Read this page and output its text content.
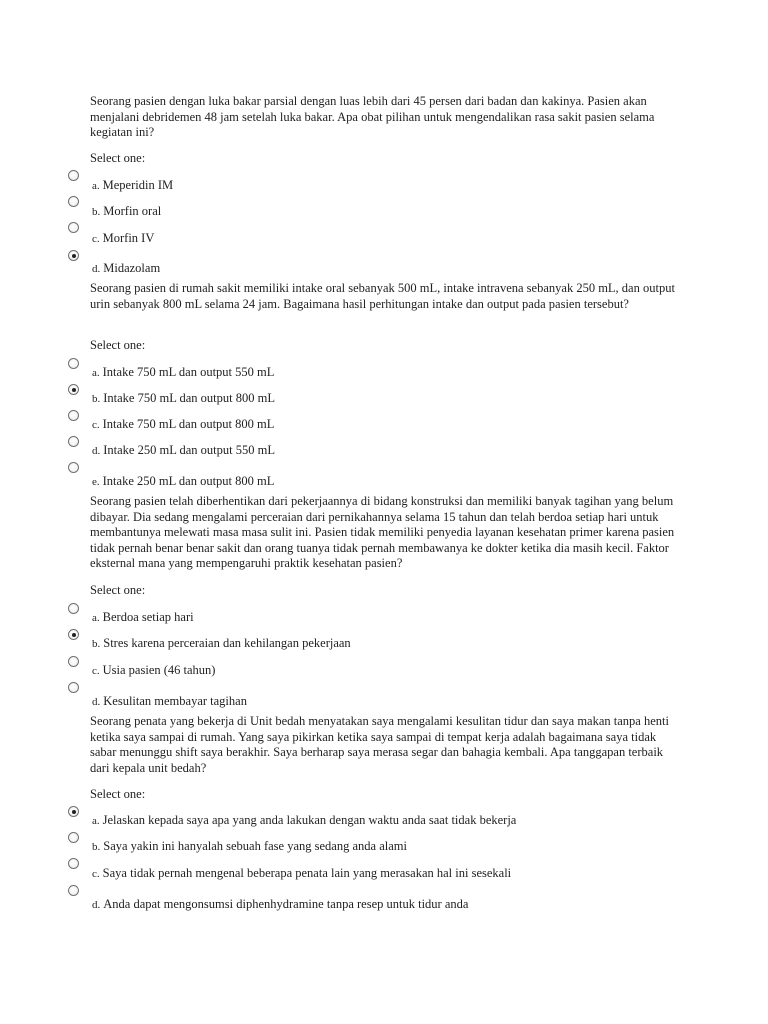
Seorang pasien dengan luka bakar parsial dengan luas lebih dari 45 persen dari badan dan kakinya. Pasien akan menjalani debridemen 48 jam setelah luka bakar. Apa obat pilihan untuk mengendalikan rasa sakit pasien selama kegiatan ini?

Select one:
a. Meperidin IM
b. Morfin oral
c. Morfin IV
d. Midazolam

Seorang pasien di rumah sakit memiliki intake oral sebanyak 500 mL, intake intravena sebanyak 250 mL, dan output urin sebanyak 800 mL selama 24 jam. Bagaimana hasil perhitungan intake dan output pada pasien tersebut?

Select one:
a. Intake 750 mL dan output 550 mL
b. Intake 750 mL dan output 800 mL
c. Intake 750 mL dan output 800 mL
d. Intake 250 mL dan output 550 mL
e. Intake 250 mL dan output 800 mL

Seorang pasien telah diberhentikan dari pekerjaannya di bidang konstruksi dan memiliki banyak tagihan yang belum dibayar. Dia sedang mengalami perceraian dari pernikahannya selama 15 tahun dan telah berdoa setiap hari untuk membantunya melewati masa masa sulit ini. Pasien tidak memiliki penyedia layanan kesehatan primer karena pasien tidak pernah benar benar sakit dan orang tuanya tidak pernah membawanya ke dokter ketika dia masih kecil. Faktor eksternal mana yang mempengaruhi praktik kesehatan pasien?

Select one:
a. Berdoa setiap hari
b. Stres karena perceraian dan kehilangan pekerjaan
c. Usia pasien (46 tahun)
d. Kesulitan membayar tagihan

Seorang penata yang bekerja di Unit bedah menyatakan saya mengalami kesulitan tidur dan saya makan tanpa henti ketika saya sampai di rumah. Yang saya pikirkan ketika saya sampai di tempat kerja adalah bagaimana saya tidak sabar menunggu shift saya berakhir. Saya berharap saya merasa segar dan bahagia kembali. Apa tanggapan terbaik dari kepala unit bedah?

Select one:
a. Jelaskan kepada saya apa yang anda lakukan dengan waktu anda saat tidak bekerja
b. Saya yakin ini hanyalah sebuah fase yang sedang anda alami
c. Saya tidak pernah mengenal beberapa penata lain yang merasakan hal ini sesekali
d. Anda dapat mengonsumsi diphenhydramine tanpa resep untuk tidur anda
